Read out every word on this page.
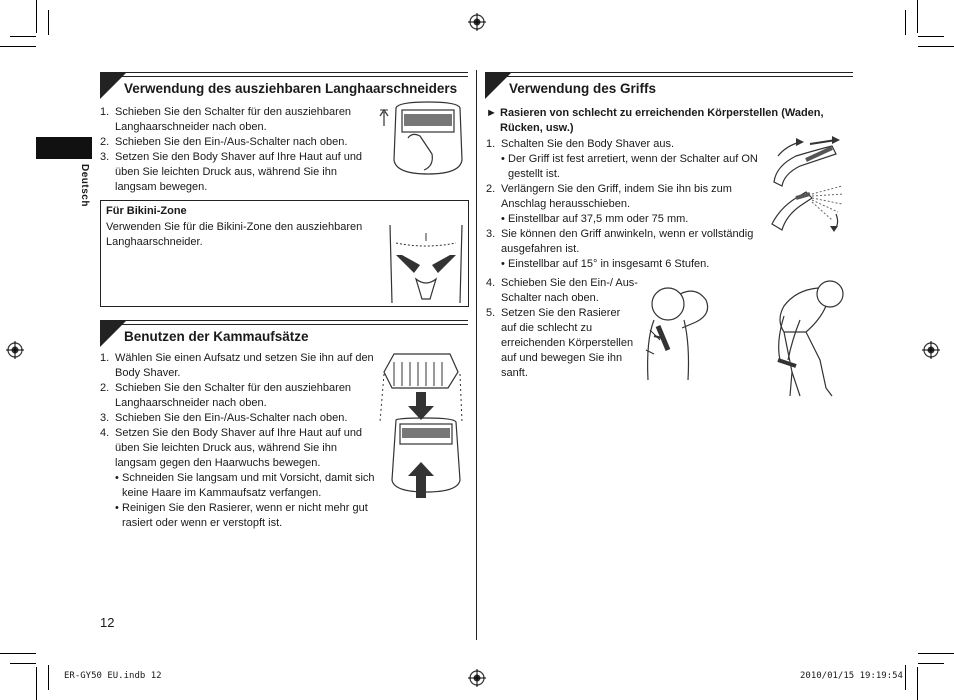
Deutsch
Verwendung des ausziehbaren Langhaarschneiders
1. Schieben Sie den Schalter für den ausziehbaren Langhaarschneider nach oben.
2. Schieben Sie den Ein-/Aus-Schalter nach oben.
3. Setzen Sie den Body Shaver auf Ihre Haut auf und üben Sie leichten Druck aus, während Sie ihn langsam bewegen.
Für Bikini-Zone
Verwenden Sie für die Bikini-Zone den ausziehbaren Langhaarschneider.
Benutzen der Kammaufsätze
1. Wählen Sie einen Aufsatz und setzen Sie ihn auf den Body Shaver.
2. Schieben Sie den Schalter für den ausziehbaren Langhaarschneider nach oben.
3. Schieben Sie den Ein-/Aus-Schalter nach oben.
4. Setzen Sie den Body Shaver auf Ihre Haut auf und üben Sie leichten Druck aus, während Sie ihn langsam gegen den Haarwuchs bewegen.
• Schneiden Sie langsam und mit Vorsicht, damit sich keine Haare im Kammaufsatz verfangen.
• Reinigen Sie den Rasierer, wenn er nicht mehr gut rasiert oder wenn er verstopft ist.
Verwendung des Griffs
► Rasieren von schlecht zu erreichenden Körperstellen (Waden, Rücken, usw.)
1. Schalten Sie den Body Shaver aus.
• Der Griff ist fest arretiert, wenn der Schalter auf ON gestellt ist.
2. Verlängern Sie den Griff, indem Sie ihn bis zum Anschlag herausschieben.
• Einstellbar auf 37,5 mm oder 75 mm.
3. Sie können den Griff anwinkeln, wenn er vollständig ausgefahren ist.
• Einstellbar auf 15° in insgesamt 6 Stufen.
4. Schieben Sie den Ein-/ Aus-Schalter nach oben.
5. Setzen Sie den Rasierer auf die schlecht zu erreichenden Körperstellen auf und bewegen Sie ihn sanft.
12
ER-GY50 EU.indb 12	2010/01/15 19:19:54
